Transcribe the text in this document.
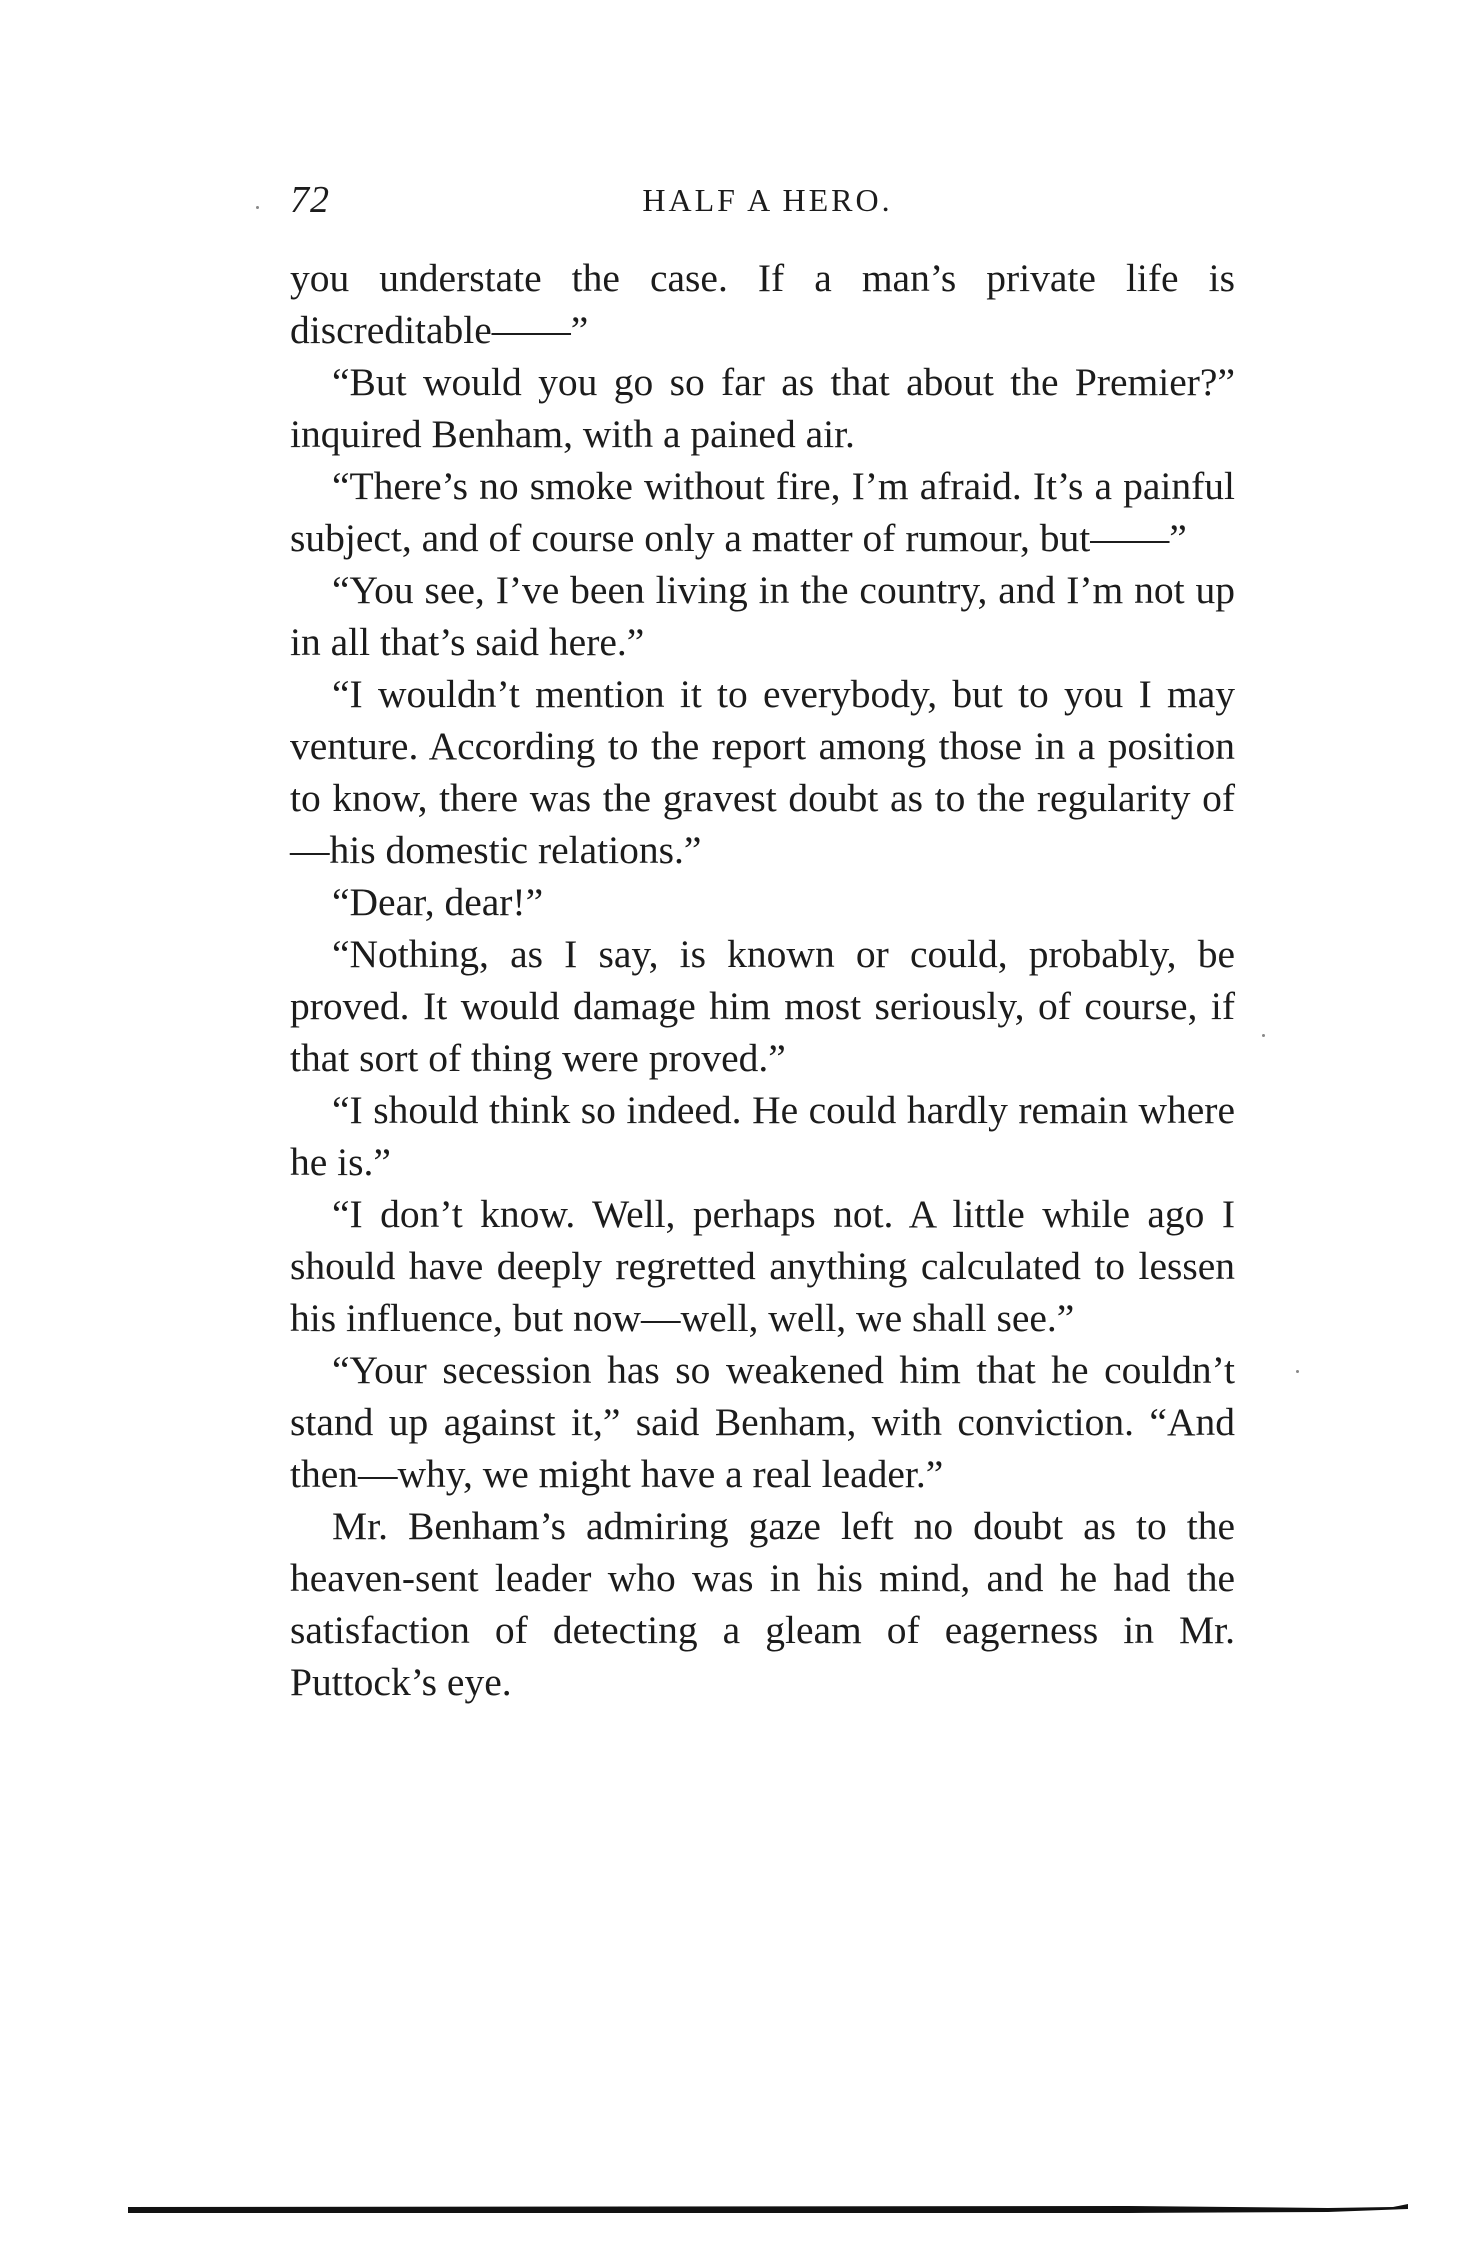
72	HALF A HERO.

you understate the case. If a man’s private life is discreditable——”

“But would you go so far as that about the Premier?” inquired Benham, with a pained air.

“There’s no smoke without fire, I’m afraid. It’s a painful subject, and of course only a matter of rumour, but——”

“You see, I’ve been living in the country, and I’m not up in all that’s said here.”

“I wouldn’t mention it to everybody, but to you I may venture. According to the report among those in a position to know, there was the gravest doubt as to the regularity of—his domestic relations.”

“Dear, dear!”

“Nothing, as I say, is known or could, probably, be proved. It would damage him most seriously, of course, if that sort of thing were proved.”

“I should think so indeed. He could hardly remain where he is.”

“I don’t know. Well, perhaps not. A little while ago I should have deeply regretted anything calculated to lessen his influence, but now—well, well, we shall see.”

“Your secession has so weakened him that he couldn’t stand up against it,” said Benham, with conviction. “And then—why, we might have a real leader.”

Mr. Benham’s admiring gaze left no doubt as to the heaven-sent leader who was in his mind, and he had the satisfaction of detecting a gleam of eagerness in Mr. Puttock’s eye.
